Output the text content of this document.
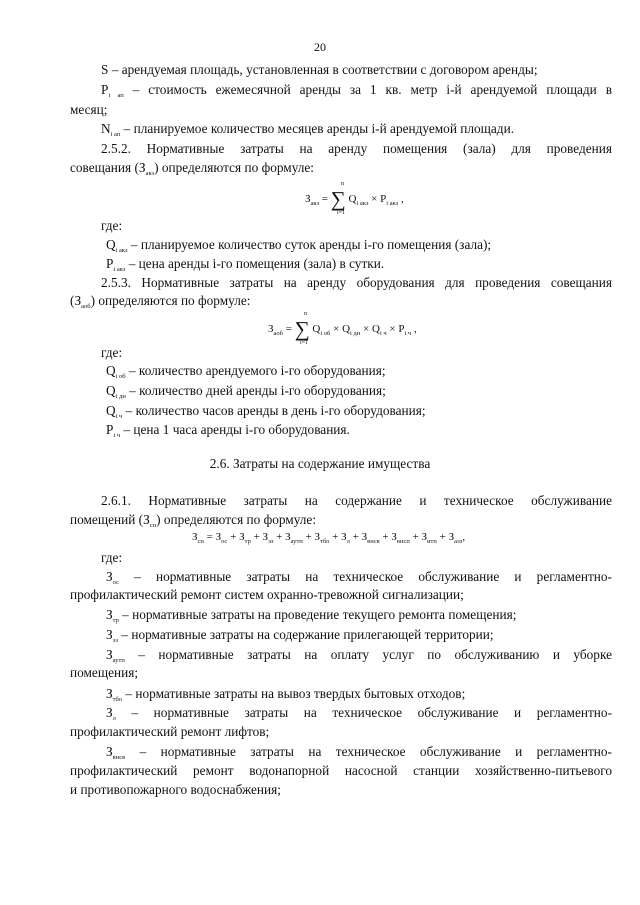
20
S – арендуемая площадь, установленная в соответствии с договором аренды;
$P_{i ап}$ – стоимость ежемесячной аренды за 1 кв. метр i-й арендуемой площади в
месяц;
$N_{i ап}$ – планируемое количество месяцев аренды i-й арендуемой площади.
2.5.2. Нормативные затраты на аренду помещения (зала) для проведения
совещания $(З_{акз})$ определяются по формуле:
$З_{акз}$ = ∑ $Q_{i акз} \times P_{i акз}$ ,
n
i=1
где:
$Q_{i акз}$ – планируемое количество суток аренды i-го помещения (зала);
$P_{i акз}$ – цена аренды i-го помещения (зала) в сутки.
2.5.3. Нормативные затраты на аренду оборудования для проведения совещания
$(З_{аоб})$ определяются по формуле:
$З_{аоб}$ = ∑ $Q_{i об} \times Q_{i дн} \times Q_{i ч} \times P_{i ч}$ ,
n
i=1
где:
$Q_{i об}$ – количество арендуемого i-го оборудования;
$Q_{i дн}$ – количество дней аренды i-го оборудования;
$Q_{i ч}$ – количество часов аренды в день i-го оборудования;
$P_{i ч}$ – цена 1 часа аренды i-го оборудования.
2.6. Затраты на содержание имущества
2.6.1. Нормативные затраты на содержание и техническое обслуживание
помещений $(З_{сп})$ определяются по формуле:
$З_{сп} = З_{ос} + З_{тр} + З_{эз} + З_{аутп} + З_{тбо} + З_л + З_{внсв} + З_{внсп} + З_{итп} + З_{аэз}$,
где:
$З_{ос}$ – нормативные затраты на техническое обслуживание и регламентно-
профилактический ремонт систем охранно-тревожной сигнализации;
$З_{тр}$ – нормативные затраты на проведение текущего ремонта помещения;
$З_{эз}$ – нормативные затраты на содержание прилегающей территории;
$З_{аутп}$ – нормативные затраты на оплату услуг по обслуживанию и уборке
помещения;
$З_{тбо}$ – нормативные затраты на вывоз твердых бытовых отходов;
$З_л$ – нормативные затраты на техническое обслуживание и регламентно-
профилактический ремонт лифтов;
$З_{внсв}$ – нормативные затраты на техническое обслуживание и регламентно-
профилактический ремонт водонапорной насосной станции хозяйственно-питьевого
и противопожарного водоснабжения;
